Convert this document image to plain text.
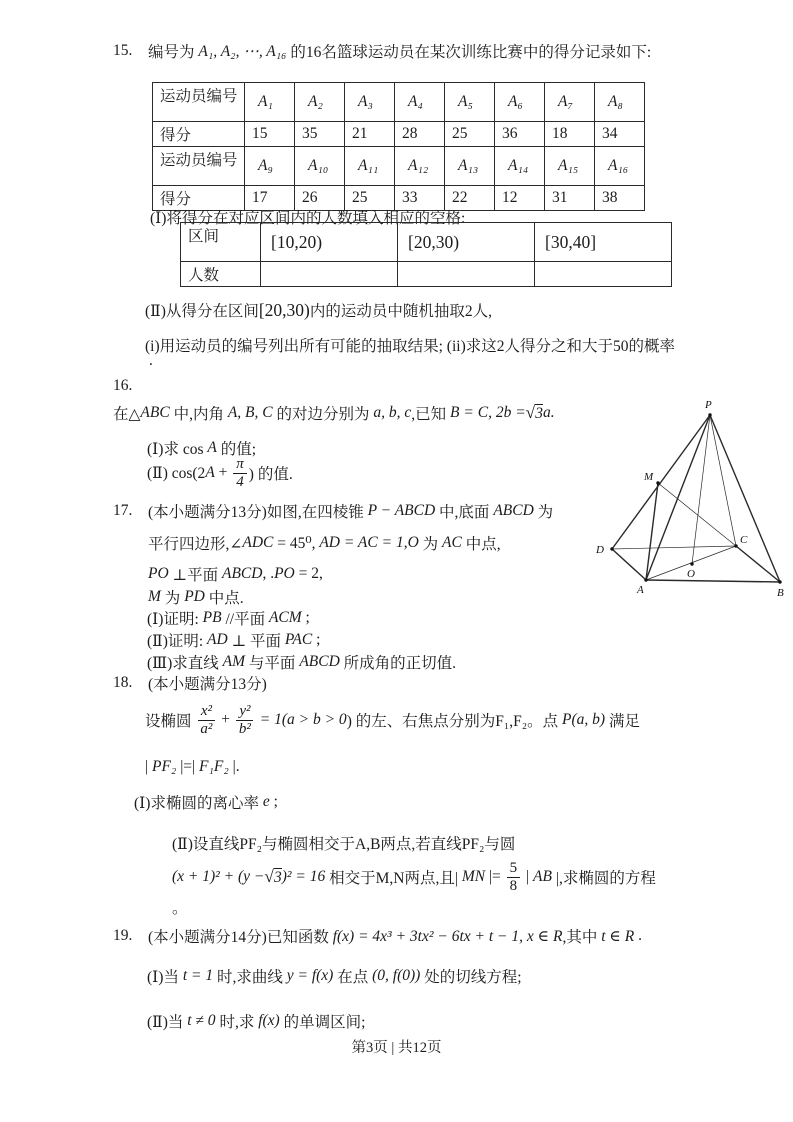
15.	编号为 A₁, A₂, ⋯, A₁₆ 的16名篮球运动员在某次训练比赛中的得分记录如下:
运动员编号	A₁	A₂	A₃	A₄	A₅	A₆	A₇	A₈
得分	15	35	21	28	25	36	18	34
运动员编号	A₉	A₁₀	A₁₁	A₁₂	A₁₃	A₁₄	A₁₅	A₁₆
得分	17	26	25	33	22	12	31	38
(Ⅰ)将得分在对应区间内的人数填入相应的空格:
区间	[10,20)	[20,30)	[30,40]
人数			
(Ⅱ)从得分在区间 [20,30) 内的运动员中随机抽取2人,
(i)用运动员的编号列出所有可能的抽取结果; (ii)求这2人得分之和大于50的概率
.
16.
在△ ABC 中,内角 A, B, C 的对边分别为 a, b, c ,已知 B = C, 2b = √ 3 a.
(Ⅰ)求 cos A 的值;
(Ⅱ) cos(2 $A + \frac{\pi}{4}$ ) 的值.
17.	(本小题满分13分)如图,在四棱锥 P − ABCD 中,底面 ABCD 为
平行四边形,∠ ADC = 45⁰, AD = AC = 1 , O 为 AC 中点,
PO ⊥平面 ABCD , . PO = 2,
M 为 PD 中点.
(Ⅰ)证明: PB //平面 ACM ;
(Ⅱ)证明: AD ⊥ 平面 PAC ;
(Ⅲ)求直线 AM 与平面 ABCD 所成角的正切值.
P
M
D
C
O
A	B
18.	(本小题满分13分)
设椭圆 $\frac{\text{x²}}{\text{a²}} + \frac{\text{y²}}{\text{b²}} = 1$( a > b > 0 ) 的左、右焦点分别为F₁,F₂。点 P(a, b) 满足
| PF₂ |=| F₁F₂ |.
(Ⅰ)求椭圆的离心率 e ;
(Ⅱ)设直线PF₂与椭圆相交于A,B两点,若直线PF₂与圆
(x + 1)² + (y − √ 3 )² = 16 相交于M,N两点,且| MN |= $\frac{5}{8}$ | AB |,求椭圆的方程
。
19.	(本小题满分14分)已知函数 f(x) = 4x³ + 3tx² − 6tx + t − 1, x ∈ R ,其中 t ∈ R .
(Ⅰ)当 t = 1 时,求曲线 y = f(x) 在点 (0, f(0)) 处的切线方程;
(Ⅱ)当 t ≠ 0 时,求 f(x) 的单调区间;
第3页 | 共12页
